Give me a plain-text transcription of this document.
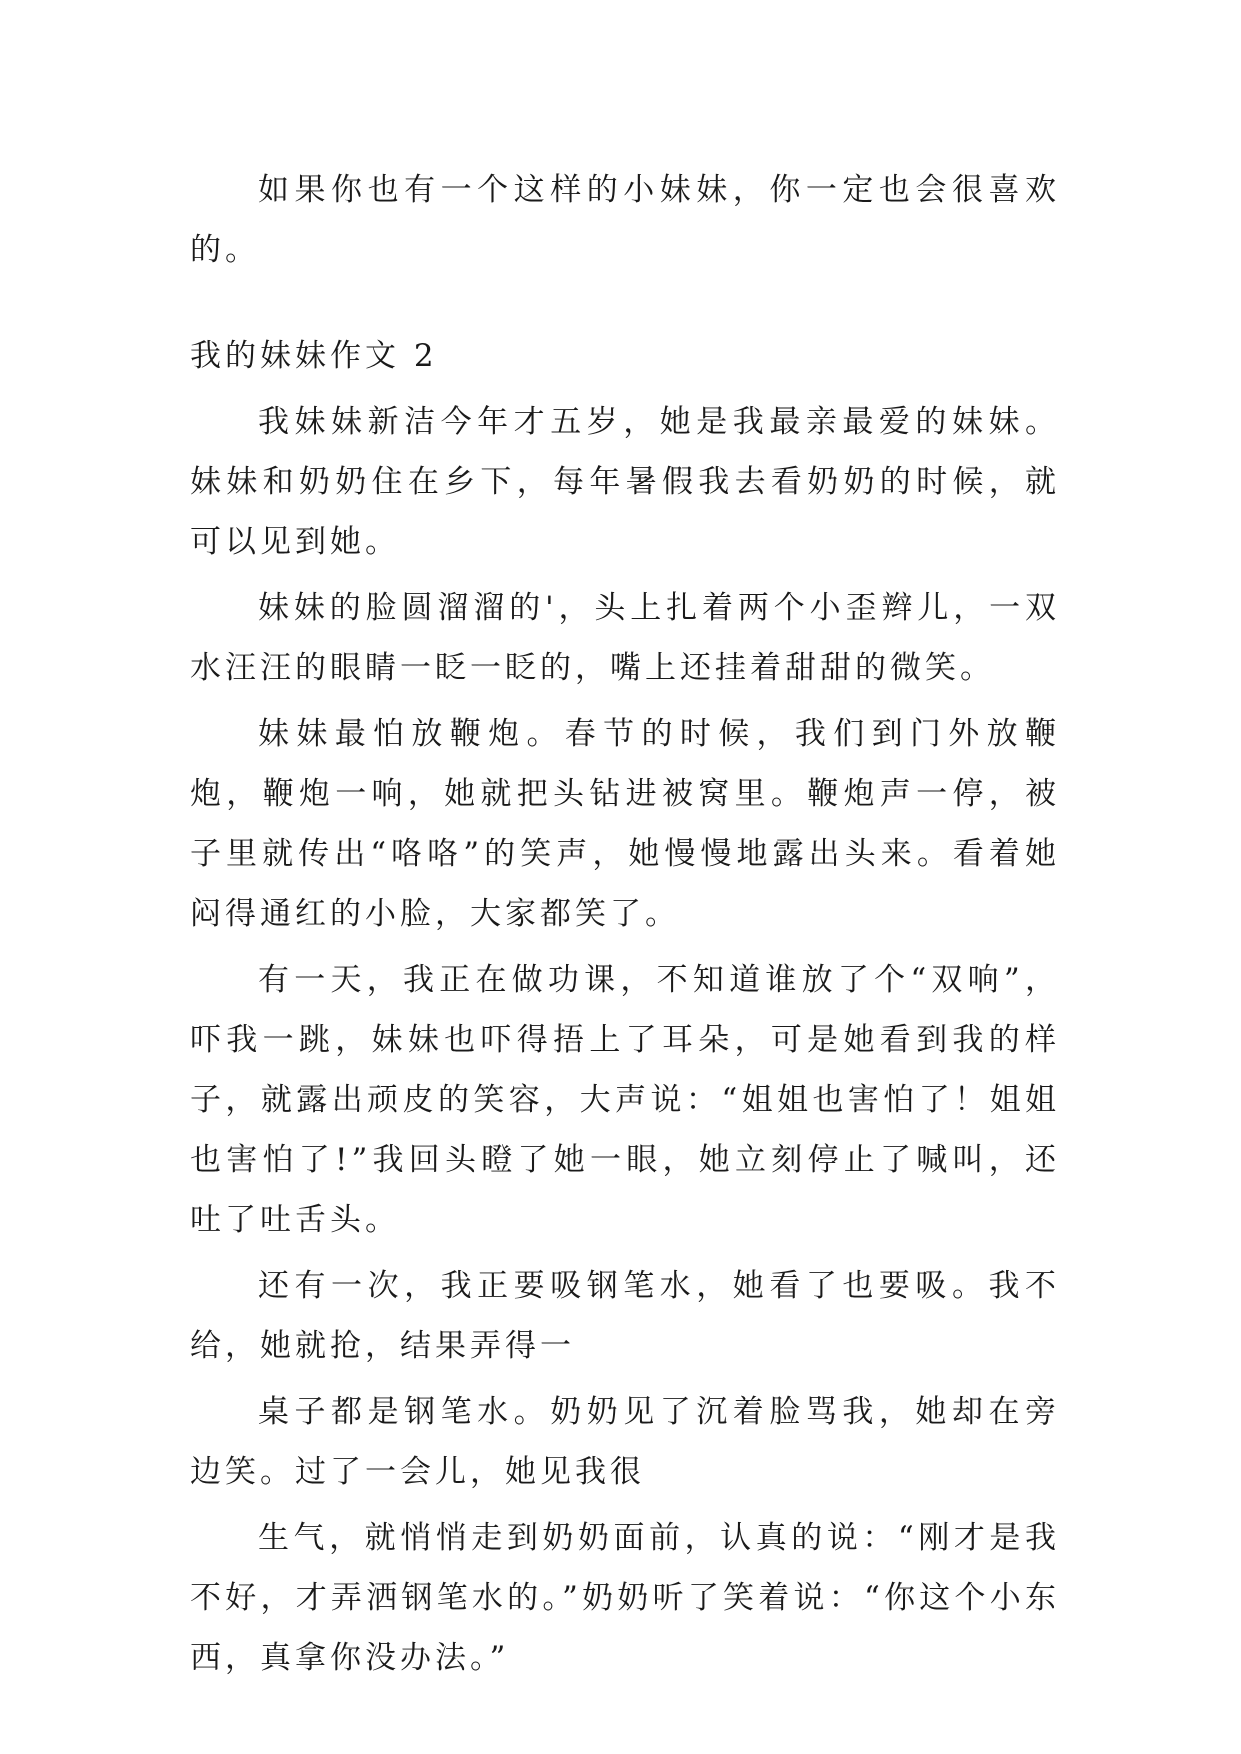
如果你也有一个这样的小妹妹，你一定也会很喜欢的。

我的妹妹作文 2

我妹妹新洁今年才五岁，她是我最亲最爱的妹妹。妹妹和奶奶住在乡下，每年暑假我去看奶奶的时候，就可以见到她。

妹妹的脸圆溜溜的'，头上扎着两个小歪辫儿，一双水汪汪的眼睛一眨一眨的，嘴上还挂着甜甜的微笑。

妹妹最怕放鞭炮。春节的时候，我们到门外放鞭炮，鞭炮一响，她就把头钻进被窝里。鞭炮声一停，被子里就传出“咯咯”的笑声，她慢慢地露出头来。看着她闷得通红的小脸，大家都笑了。

有一天，我正在做功课，不知道谁放了个“双响”，吓我一跳，妹妹也吓得捂上了耳朵，可是她看到我的样子，就露出顽皮的笑容，大声说：“姐姐也害怕了！姐姐也害怕了!”我回头瞪了她一眼，她立刻停止了喊叫，还吐了吐舌头。

还有一次，我正要吸钢笔水，她看了也要吸。我不给，她就抢，结果弄得一

桌子都是钢笔水。奶奶见了沉着脸骂我，她却在旁边笑。过了一会儿，她见我很

生气，就悄悄走到奶奶面前，认真的说：“刚才是我不好，才弄洒钢笔水的。”奶奶听了笑着说：“你这个小东西，真拿你没办法。”
